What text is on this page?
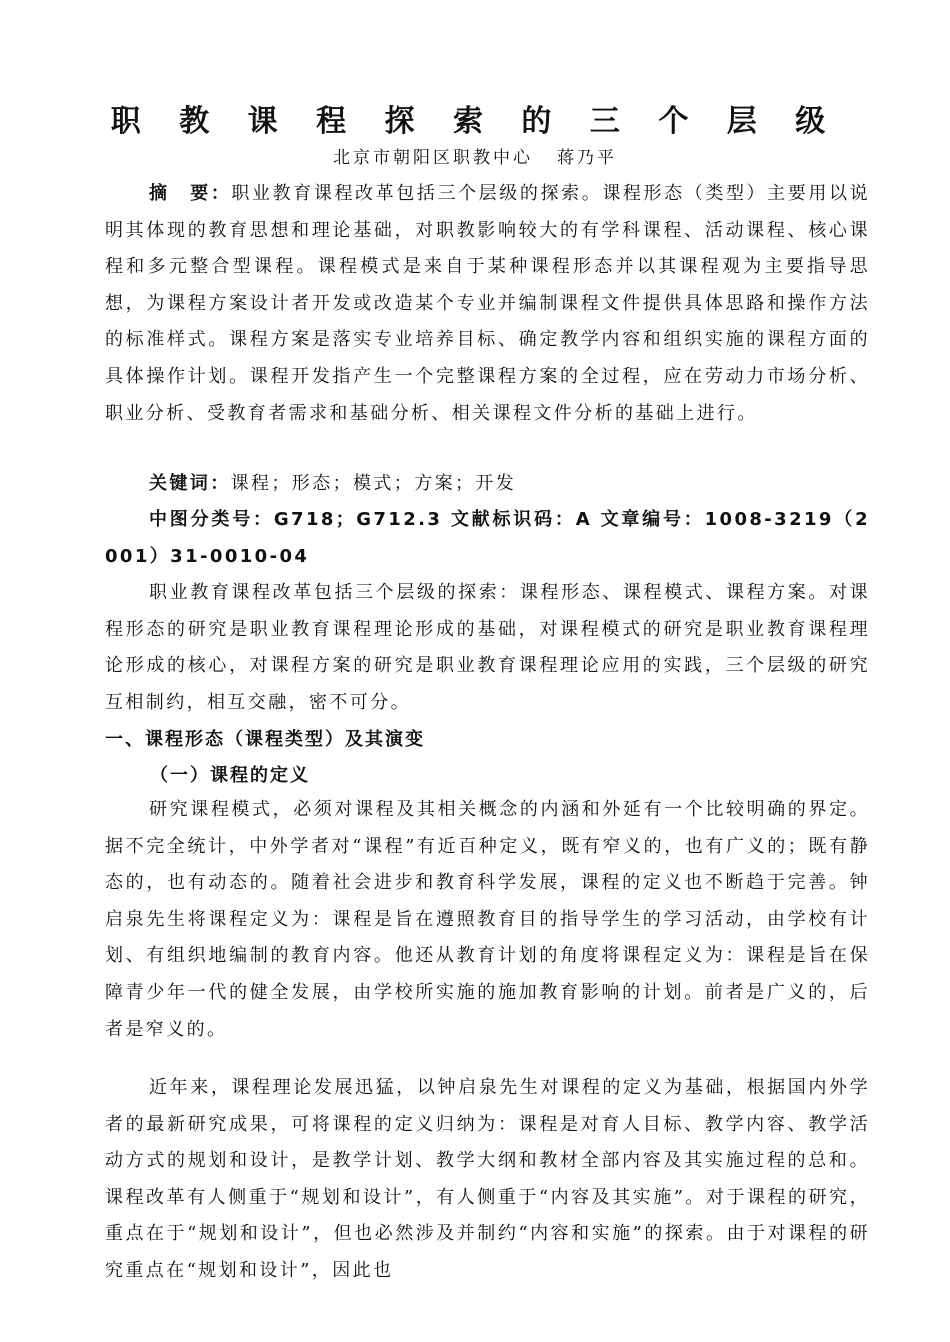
职 教 课 程 探 索 的 三 个 层 级
北京市朝阳区职教中心 蒋乃平

摘　要：职业教育课程改革包括三个层级的探索。课程形态（类型）主要用以说明其体现的教育思想和理论基础，对职教影响较大的有学科课程、活动课程、核心课程和多元整合型课程。课程模式是来自于某种课程形态并以其课程观为主要指导思想，为课程方案设计者开发或改造某个专业并编制课程文件提供具体思路和操作方法的标准样式。课程方案是落实专业培养目标、确定教学内容和组织实施的课程方面的具体操作计划。课程开发指产生一个完整课程方案的全过程，应在劳动力市场分析、职业分析、受教育者需求和基础分析、相关课程文件分析的基础上进行。

关键词：课程；形态；模式；方案；开发

中图分类号：G718；G712.3 文献标识码：A 文章编号：1008-3219（2001）31-0010-04

职业教育课程改革包括三个层级的探索：课程形态、课程模式、课程方案。对课程形态的研究是职业教育课程理论形成的基础，对课程模式的研究是职业教育课程理论形成的核心，对课程方案的研究是职业教育课程理论应用的实践，三个层级的研究互相制约，相互交融，密不可分。

一、课程形态（课程类型）及其演变
（一）课程的定义

研究课程模式，必须对课程及其相关概念的内涵和外延有一个比较明确的界定。据不完全统计，中外学者对“课程”有近百种定义，既有窄义的，也有广义的；既有静态的，也有动态的。随着社会进步和教育科学发展，课程的定义也不断趋于完善。钟启泉先生将课程定义为：课程是旨在遵照教育目的指导学生的学习活动，由学校有计划、有组织地编制的教育内容。他还从教育计划的角度将课程定义为：课程是旨在保障青少年一代的健全发展，由学校所实施的施加教育影响的计划。前者是广义的，后者是窄义的。

近年来，课程理论发展迅猛，以钟启泉先生对课程的定义为基础，根据国内外学者的最新研究成果，可将课程的定义归纳为：课程是对育人目标、教学内容、教学活动方式的规划和设计，是教学计划、教学大纲和教材全部内容及其实施过程的总和。课程改革有人侧重于“规划和设计”，有人侧重于“内容及其实施”。对于课程的研究，重点在于“规划和设计”，但也必然涉及并制约“内容和实施”的探索。由于对课程的研究重点在“规划和设计”，因此也
